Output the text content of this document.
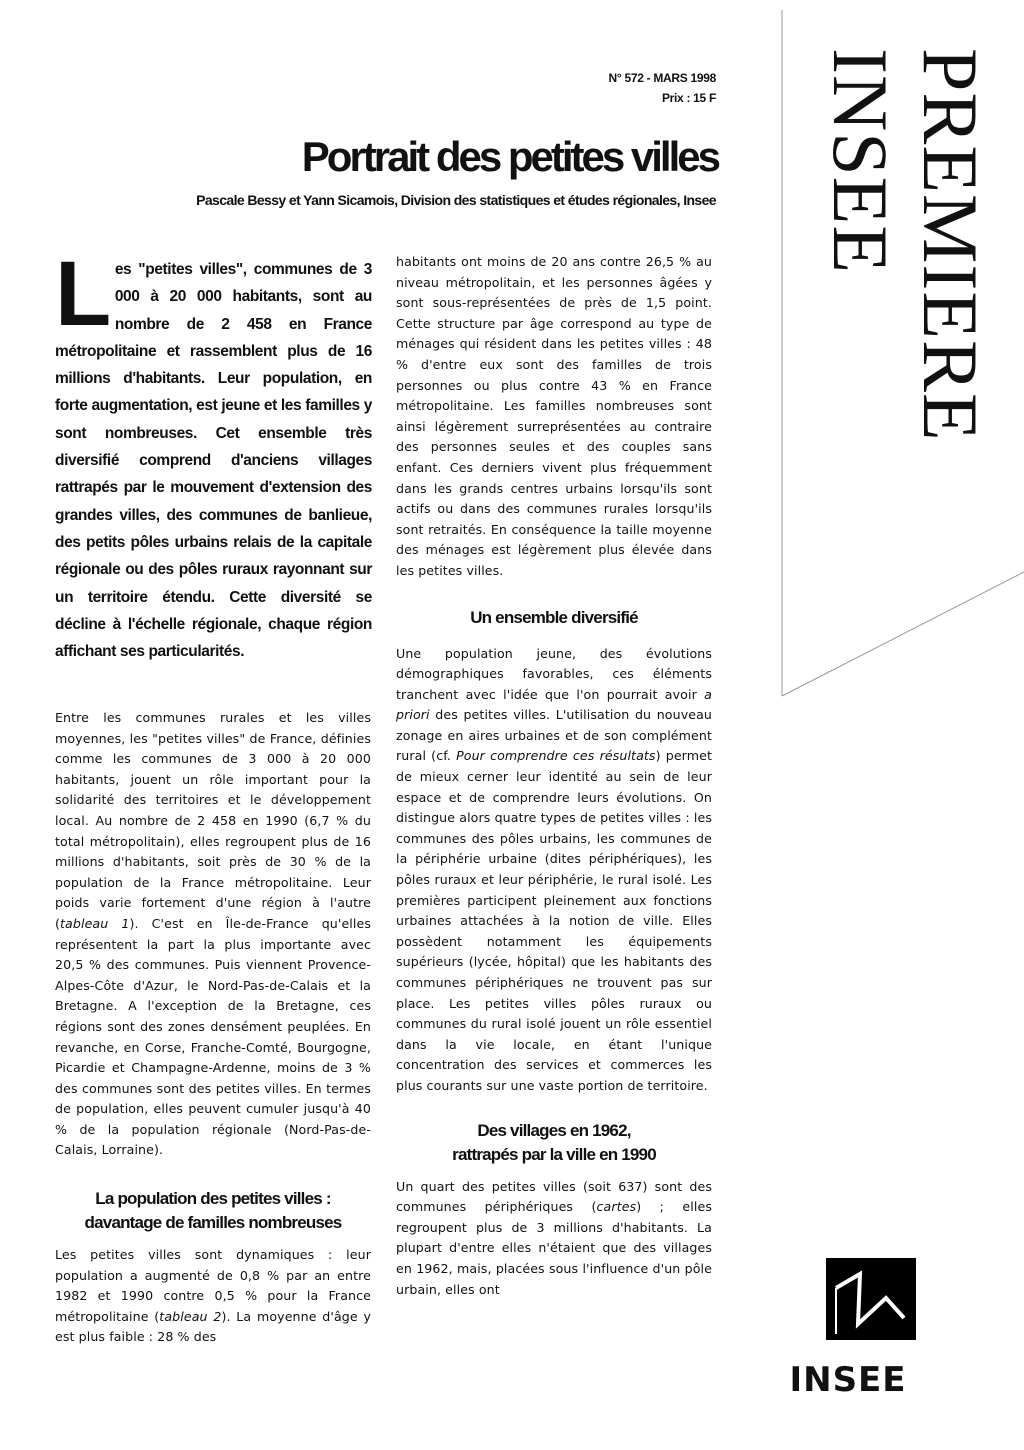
N° 572 - MARS 1998
Prix : 15 F
Portrait des petites villes
Pascale Bessy et Yann Sicamois, Division des statistiques et études régionales, Insee INSEE PREMIERE
INSEE

Les "petites villes", communes de 3 000 à 20 000 habitants, sont au nombre de 2 458 en France métropolitaine et rassemblent plus de 16 millions d'habitants. Leur population, en forte augmentation, est jeune et les familles y sont nombreuses. Cet ensemble très diversifié comprend d'anciens villages rattrapés par le mouvement d'extension des grandes villes, des communes de banlieue, des petits pôles urbains relais de la capitale régionale ou des pôles ruraux rayonnant sur un territoire étendu. Cette diversité se décline à l'échelle régionale, chaque région affichant ses particularités.

Entre les communes rurales et les villes moyennes, les "petites villes" de France, définies comme les communes de 3 000 à 20 000 habitants, jouent un rôle important pour la solidarité des territoires et le développement local. Au nombre de 2 458 en 1990 (6,7 % du total métropolitain), elles regroupent plus de 16 millions d'habitants, soit près de 30 % de la population de la France métropolitaine. Leur poids varie fortement d'une région à l'autre (tableau 1). C'est en Île-de-France qu'elles représentent la part la plus importante avec 20,5 % des communes. Puis viennent Provence-Alpes-Côte d'Azur, le Nord-Pas-de-Calais et la Bretagne. A l'exception de la Bretagne, ces régions sont des zones densément peuplées. En revanche, en Corse, Franche-Comté, Bourgogne, Picardie et Champagne-Ardenne, moins de 3 % des communes sont des petites villes. En termes de population, elles peuvent cumuler jusqu'à 40 % de la population régionale (Nord-Pas-de-Calais, Lorraine).

La population des petites villes :
davantage de familles nombreuses

Les petites villes sont dynamiques : leur population a augmenté de 0,8 % par an entre 1982 et 1990 contre 0,5 % pour la France métropolitaine (tableau 2). La moyenne d'âge y est plus faible : 28 % des

habitants ont moins de 20 ans contre 26,5 % au niveau métropolitain, et les personnes âgées y sont sous-représentées de près de 1,5 point. Cette structure par âge correspond au type de ménages qui résident dans les petites villes : 48 % d'entre eux sont des familles de trois personnes ou plus contre 43 % en France métropolitaine. Les familles nombreuses sont ainsi légèrement surreprésentées au contraire des personnes seules et des couples sans enfant. Ces derniers vivent plus fréquemment dans les grands centres urbains lorsqu'ils sont actifs ou dans des communes rurales lorsqu'ils sont retraités. En conséquence la taille moyenne des ménages est légèrement plus élevée dans les petites villes.

Un ensemble diversifié

Une population jeune, des évolutions démographiques favorables, ces éléments tranchent avec l'idée que l'on pourrait avoir a priori des petites villes. L'utilisation du nouveau zonage en aires urbaines et de son complément rural (cf. Pour comprendre ces résultats) permet de mieux cerner leur identité au sein de leur espace et de comprendre leurs évolutions. On distingue alors quatre types de petites villes : les communes des pôles urbains, les communes de la périphérie urbaine (dites périphériques), les pôles ruraux et leur périphérie, le rural isolé. Les premières participent pleinement aux fonctions urbaines attachées à la notion de ville. Elles possèdent notamment les équipements supérieurs (lycée, hôpital) que les habitants des communes périphériques ne trouvent pas sur place. Les petites villes pôles ruraux ou communes du rural isolé jouent un rôle essentiel dans la vie locale, en étant l'unique concentration des services et commerces les plus courants sur une vaste portion de territoire.

Des villages en 1962,
rattrapés par la ville en 1990

Un quart des petites villes (soit 637) sont des communes périphériques (cartes) ; elles regroupent plus de 3 millions d'habitants. La plupart d'entre elles n'étaient que des villages en 1962, mais, placées sous l'influence d'un pôle urbain, elles ont
